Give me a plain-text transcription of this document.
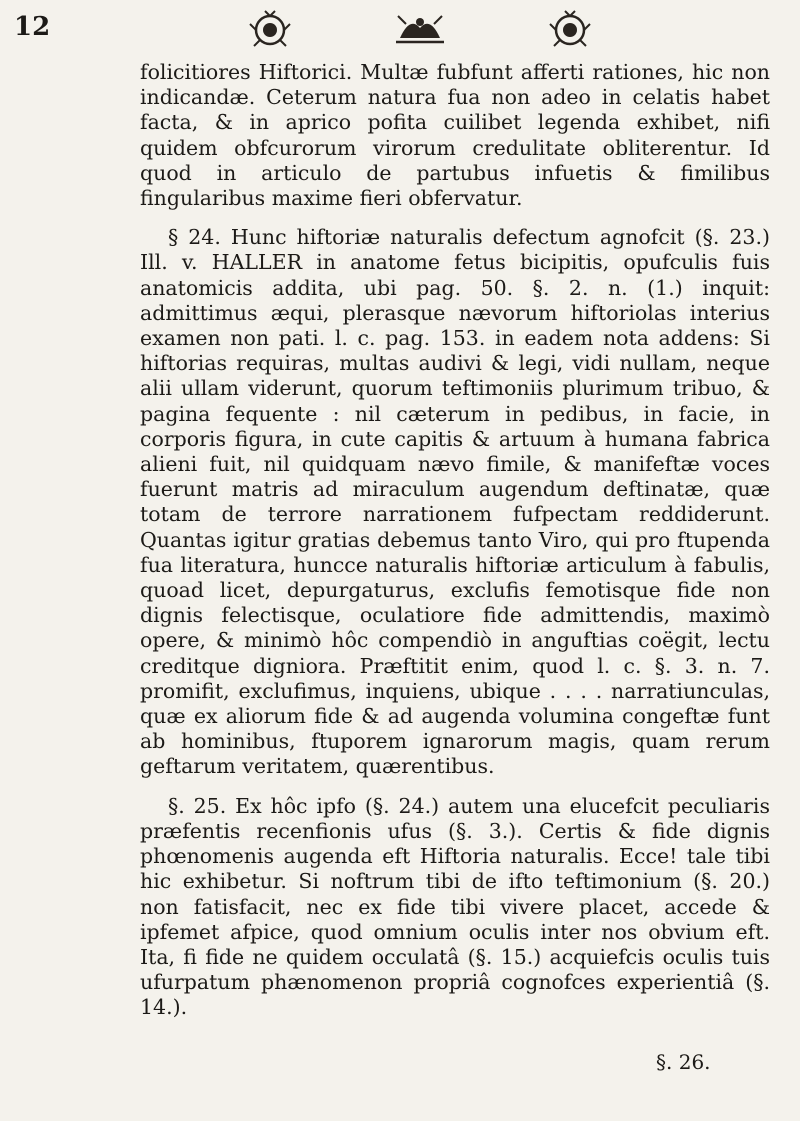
12

folicitiores Hiftorici. Multæ fubfunt afferti rationes, hic non indicandæ. Ceterum natura fua non adeo in celatis habet facta, & in aprico pofita cuilibet legenda exhibet, nifi quidem obfcurorum virorum credulitate obliterentur. Id quod in articulo de partubus infuetis & fimilibus fingularibus maxime fieri obfervatur.

§ 24. Hunc hiftoriæ naturalis defectum agnofcit (§. 23.) Ill. v. HALLER in anatome fetus bicipitis, opufculis fuis anatomicis addita, ubi pag. 50. §. 2. n. (1.) inquit: admittimus æqui, plerasque nævorum hiftoriolas interius examen non pati. l. c. pag. 153. in eadem nota addens: Si hiftorias requiras, multas audivi & legi, vidi nullam, neque alii ullam viderunt, quorum teftimoniis plurimum tribuo, & pagina fequente : nil cæterum in pedibus, in facie, in corporis figura, in cute capitis & artuum à humana fabrica alieni fuit, nil quidquam nævo fimile, & manifeftæ voces fuerunt matris ad miraculum augendum deftinatæ, quæ totam de terrore narrationem fufpectam reddiderunt. Quantas igitur gratias debemus tanto Viro, qui pro ftupenda fua literatura, huncce naturalis hiftoriæ articulum à fabulis, quoad licet, depurgaturus, exclufis femotisque fide non dignis felectisque, oculatiore fide admittendis, maximò opere, & minimò hôc compendiò in anguftias coëgit, lectu creditque digniora. Præftitit enim, quod l. c. §. 3. n. 7. promifit, exclufimus, inquiens, ubique . . . . narratiunculas, quæ ex aliorum fide & ad augenda volumina congeftæ funt ab hominibus, ftuporem ignarorum magis, quam rerum geftarum veritatem, quærentibus.

§. 25. Ex hôc ipfo (§. 24.) autem una elucefcit peculiaris præfentis recenfionis ufus (§. 3.). Certis & fide dignis phœnomenis augenda eft Hiftoria naturalis. Ecce! tale tibi hic exhibetur. Si noftrum tibi de ifto teftimonium (§. 20.) non fatisfacit, nec ex fide tibi vivere placet, accede & ipfemet afpice, quod omnium oculis inter nos obvium eft. Ita, fi fide ne quidem occulatâ (§. 15.) acquiefcis oculis tuis ufurpatum phænomenon propriâ cognofces experientiâ (§. 14.).

§. 26.
